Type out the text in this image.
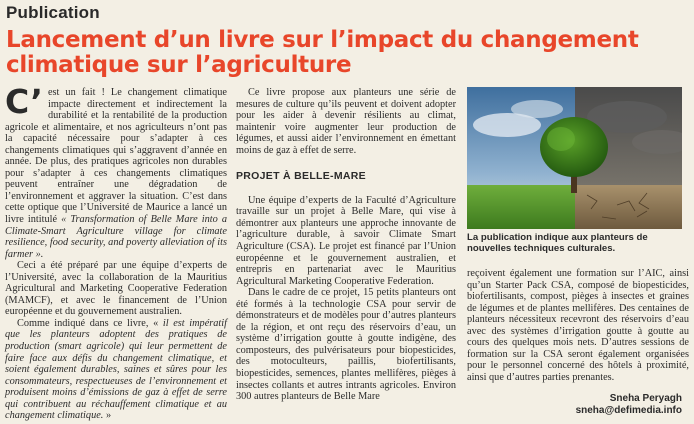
Publication
Lancement d’un livre sur l’impact du changement
climatique sur l’agriculture

C’ est un fait ! Le changement climatique impacte directement et indirectement la durabilité et la rentabilité de la production agricole et alimentaire, et nos agriculteurs n’ont pas la capacité nécessaire pour s’adapter à ces changements climatiques qui s’aggravent d’année en année. De plus, des pratiques agricoles non durables pour s’adapter à ces changements climatiques peuvent entraîner une dégradation de l’environnement et aggraver la situation. C’est dans cette optique que l’Université de Maurice a lancé un livre intitulé « Transformation of Belle Mare into a Climate-Smart Agriculture village for climate resilience, food security, and poverty alleviation of its farmer ».

Ceci a été préparé par une équipe d’experts de l’Université, avec la collaboration de la Mauritius Agricultural and Marketing Cooperative Federation (MAMCF), et avec le financement de l’Union européenne et du gouvernement australien.

Comme indiqué dans ce livre, « il est impératif que les planteurs adoptent des pratiques de production (smart agricole) qui leur permettent de faire face aux défis du changement climatique, et soient également durables, saines et sûres pour les consommateurs, respectueuses de l’environnement et produisent moins d’émissions de gaz à effet de serre qui contribuent au réchauffement climatique et au changement climatique. »

Ce livre propose aux planteurs une série de mesures de culture qu’ils peuvent et doivent adopter pour les aider à devenir résilients au climat, maintenir voire augmenter leur production de légumes, et aussi aider l’environnement en émettant moins de gaz à effet de serre.

PROJET À BELLE-MARE

Une équipe d’experts de la Faculté d’Agriculture travaille sur un projet à Belle Mare, qui vise à démontrer aux planteurs une approche innovante de l’agriculture durable, à savoir Climate Smart Agriculture (CSA). Le projet est financé par l’Union européenne et le gouvernement australien, et entrepris en partenariat avec le Mauritius Agricultural Marketing Cooperative Federation.

Dans le cadre de ce projet, 15 petits planteurs ont été formés à la technologie CSA pour servir de démonstrateurs et de modèles pour d’autres planteurs de la région, et ont reçu des réservoirs d’eau, un système d’irrigation goutte à goutte indigène, des composteurs, des pulvérisateurs pour biopesticides, des motoculteurs, paillis, biofertilisants, biopesticides, semences, plantes mellifères, pièges à insectes collants et autres intrants agricoles. Environ 300 autres planteurs de Belle Mare

La publication indique aux planteurs de nouvelles techniques culturales.

reçoivent également une formation sur l’AIC, ainsi qu’un Starter Pack CSA, composé de biopesticides, biofertilisants, compost, pièges à insectes et graines de légumes et de plantes mellifères. Des centaines de planteurs nécessiteux recevront des réservoirs d’eau avec des systèmes d’irrigation goutte à goutte au cours des quelques mois nets. D’autres sessions de formation sur la CSA seront également organisées pour le personnel concerné des hôtels à proximité, ainsi que d’autres parties prenantes.

Sneha Peryagh
sneha@defimedia.info
